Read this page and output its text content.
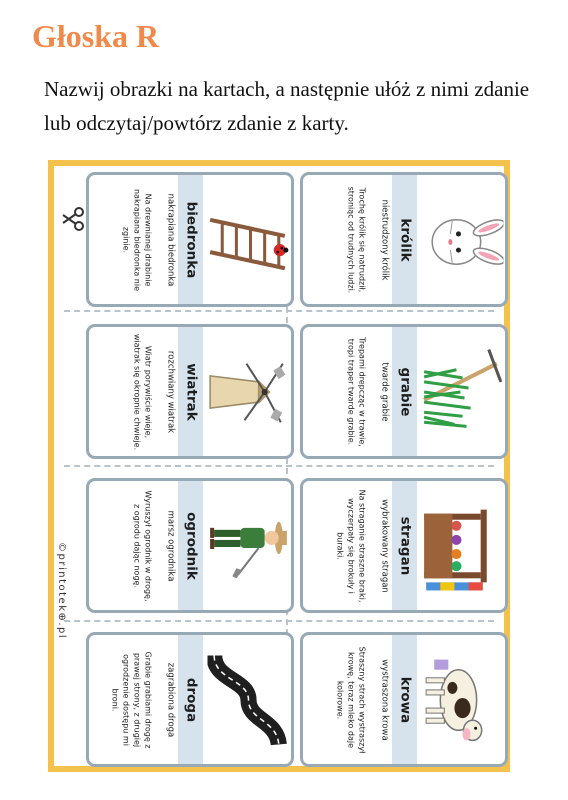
Głoska R
Nazwij obrazki na kartach, a następnie ułóż z nimi zdanie lub odczytaj/powtórz zdanie z karty.
©printotek⊕.pl
królik
niestrudzony królik
Trochę królik się natrudził, stroniąc od trudnych ludzi.
biedronka
nakrapiana biedronka
Na drewnianej drabinie nakrapiana biedronka nie zginie.
grabie
twarde grabie
Trepami drepcząc w trawie, tropi traper twarde grabie.
wiatrak
rozchwiany wiatrak
Wiatr porywiście wieje, wiatrak się okropnie chwieje.
stragan
wybrakowany stragan
Na straganie straszne braki, wyczerpały się brokuły i buraki.
ogrodnik
marsz ogrodnika
Wyruszył ogrodnik w drogę, z ogrodu dając nogę.
krowa
wystraszona krowa
Straszny strach wystraszył krowę, teraz mleko daje kolorowe.
droga
zagrabiona droga
Grabie grabiami drogę z prawej strony, z drugiej ogrodzenie dostępu mi broni.
